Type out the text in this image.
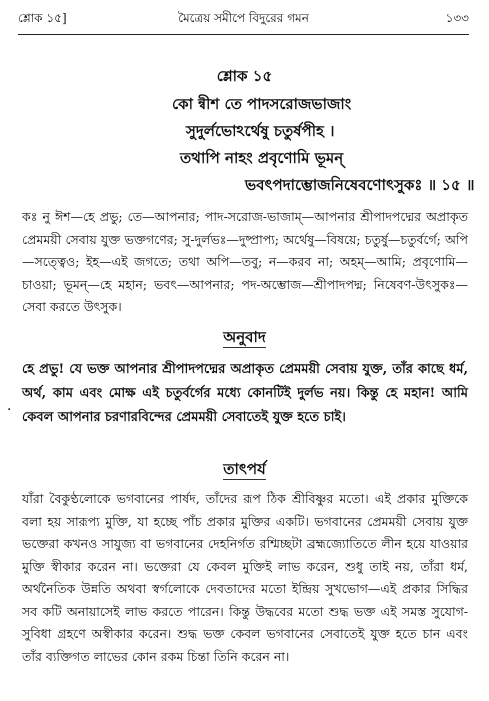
শ্লোক ১৫]	মৈত্রেয় সমীপে বিদুরের গমন	১৩৩
শ্লোক ১৫
কো ন্বীশ তে পাদসরোজভাজাং
সুদুর্লভোঽর্থেষু চতুর্ষপীহ ।
তথাপি নাহং প্রবৃণোমি ভূমন্‌
ভবৎপদাম্ভোজনিষেবণোৎসুকঃ ॥ ১৫ ॥
কঃ নু ঈশ—হে প্রভু; তে—আপনার; পাদ-সরোজ-ভাজাম্‌—আপনার শ্রীপাদপদ্মের অপ্রাকৃত প্রেমময়ী সেবায় যুক্ত ভক্তগণের; সু-দুর্লভঃ—দুষ্প্রাপ্য; অর্থেষু—বিষয়ে; চতুর্ষু—চতুর্বর্গে; অপি—সত্ত্বেও; ইহ—এই জগতে; তথা অপি—তবু; ন—করব না; অহম্‌—আমি; প্রবৃণোমি—চাওয়া; ভূমন্‌—হে মহান; ভবৎ—আপনার; পদ-অম্ভোজ—শ্রীপাদপদ্ম; নিষেবণ-উৎসুকঃ—সেবা করতে উৎসুক।
অনুবাদ
হে প্রভু! যে ভক্ত আপনার শ্রীপাদপদ্মের অপ্রাকৃত প্রেমময়ী সেবায় যুক্ত, তাঁর কাছে ধর্ম, অর্থ, কাম এবং মোক্ষ এই চতুর্বর্গের মধ্যে কোনটিই দুর্লভ নয়। কিন্তু হে মহান! আমি কেবল আপনার চরণারবিন্দের প্রেমময়ী সেবাতেই যুক্ত হতে চাই।
·
তাৎপর্য
যাঁরা বৈকুণ্ঠলোকে ভগবানের পার্ষদ, তাঁদের রূপ ঠিক শ্রীবিষ্ণুর মতো। এই প্রকার মুক্তিকে বলা হয় সারূপ্য মুক্তি, যা হচ্ছে পাঁচ প্রকার মুক্তির একটি। ভগবানের প্রেমময়ী সেবায় যুক্ত ভক্তেরা কখনও সাযুজ্য বা ভগবানের দেহনির্গত রশ্মিচ্ছটা ব্রহ্মজ্যোতিতে লীন হয়ে যাওয়ার মুক্তি স্বীকার করেন না। ভক্তেরা যে কেবল মুক্তিই লাভ করেন, শুধু তাই নয়, তাঁরা ধর্ম, অর্থনৈতিক উন্নতি অথবা স্বর্গলোকে দেবতাদের মতো ইন্দ্রিয় সুখভোগ—এই প্রকার সিদ্ধির সব কটি অনায়াসেই লাভ করতে পারেন। কিন্তু উদ্ধবের মতো শুদ্ধ ভক্ত এই সমস্ত সুযোগ-সুবিধা গ্রহণে অস্বীকার করেন। শুদ্ধ ভক্ত কেবল ভগবানের সেবাতেই যুক্ত হতে চান এবং তাঁর ব্যক্তিগত লাভের কোন রকম চিন্তা তিনি করেন না।
